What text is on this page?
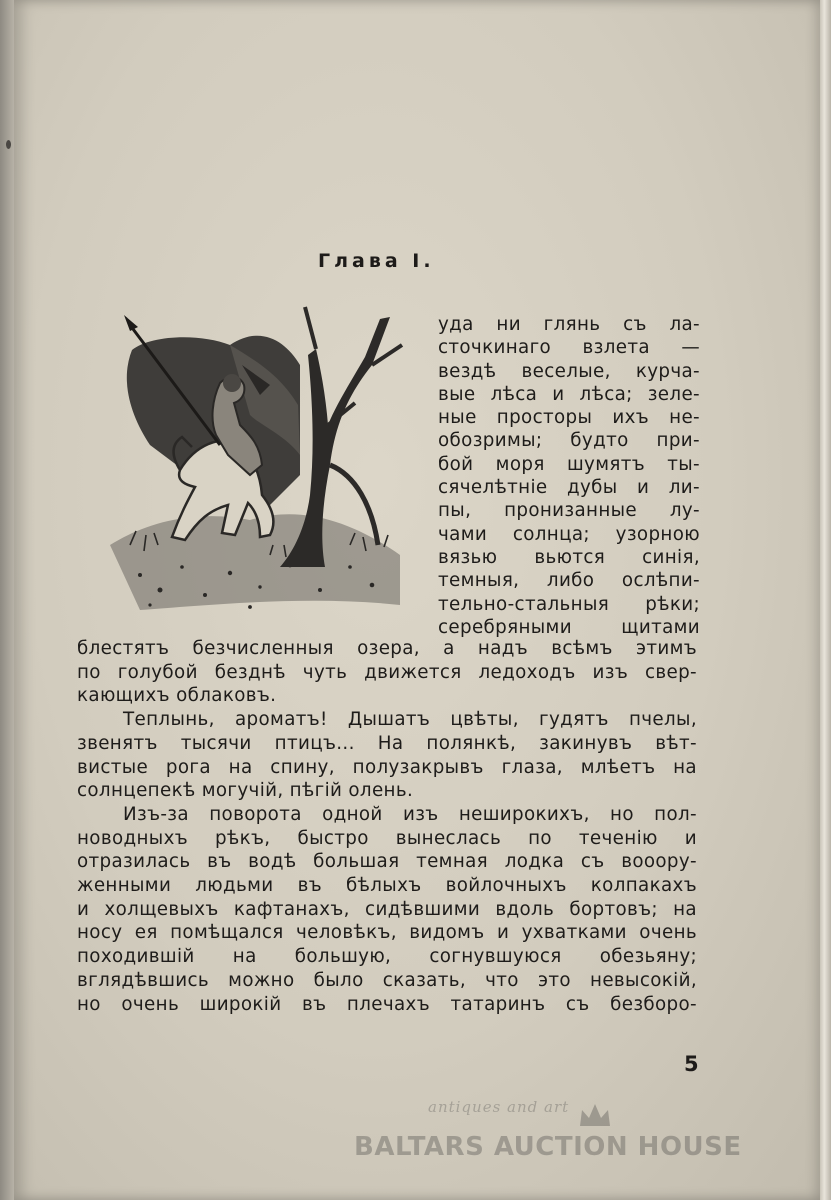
Глава I.
уда ни глянь съ ла-
сточкинаго взлета —
вездѣ веселые, курча-
вые лѣса и лѣса; зеле-
ные просторы ихъ не-
обозримы; будто при-
бой моря шумятъ ты-
сячелѣтніе дубы и ли-
пы, пронизанные лу-
чами солнца; узорною
вязью вьются синія,
темныя, либо ослѣпи-
тельно-стальныя рѣки;
серебряными щитами
блестятъ безчисленныя озера, а надъ всѣмъ этимъ
по голубой безднѣ чуть движется ледоходъ изъ свер-
кающихъ облаковъ.
Теплынь, ароматъ! Дышатъ цвѣты, гудятъ пчелы,
звенятъ тысячи птицъ... На полянкѣ, закинувъ вѣт-
вистые рога на спину, полузакрывъ глаза, млѣетъ на
солнцепекѣ могучій, пѣгій олень.
Изъ-за поворота одной изъ неширокихъ, но пол-
новодныхъ рѣкъ, быстро вынеслась по теченію и
отразилась въ водѣ большая темная лодка съ вооору-
женными людьми въ бѣлыхъ войлочныхъ колпакахъ
и холщевыхъ кафтанахъ, сидѣвшими вдоль бортовъ; на
носу ея помѣщался человѣкъ, видомъ и ухватками очень
походившій на большую, согнувшуюся обезьяну;
вглядѣвшись можно было сказать, что это невысокій,
но очень широкій въ плечахъ татаринъ съ безборо-
5
antiques and art
BALTARS AUCTION HOUSE
